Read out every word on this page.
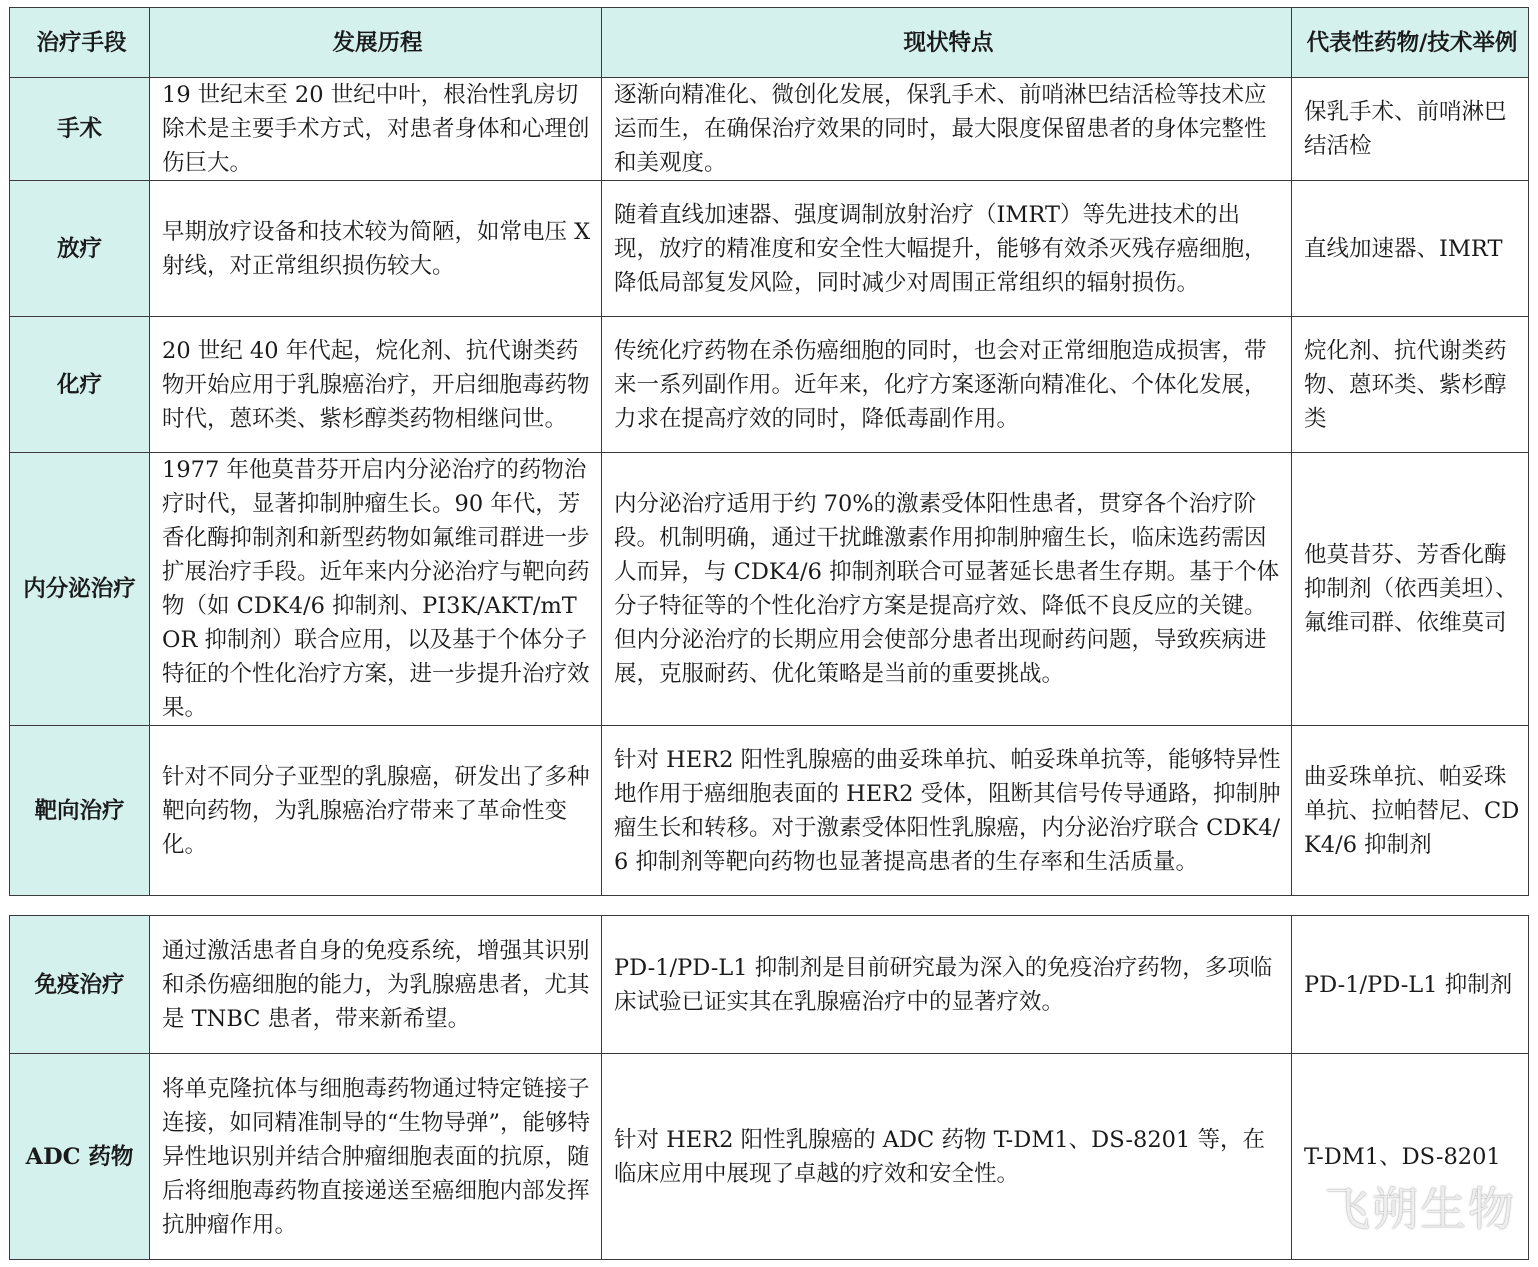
治疗手段	发展历程	现状特点	代表性药物/技术举例
手术	19 世纪末至 20 世纪中叶，根治性乳房切除术是主要手术方式，对患者身体和心理创伤巨大。	逐渐向精准化、微创化发展，保乳手术、前哨淋巴结活检等技术应运而生，在确保治疗效果的同时，最大限度保留患者的身体完整性和美观度。	保乳手术、前哨淋巴结活检
放疗	早期放疗设备和技术较为简陋，如常电压 X 射线，对正常组织损伤较大。	随着直线加速器、强度调制放射治疗（IMRT）等先进技术的出现，放疗的精准度和安全性大幅提升，能够有效杀灭残存癌细胞，降低局部复发风险，同时减少对周围正常组织的辐射损伤。	直线加速器、IMRT
化疗	20 世纪 40 年代起，烷化剂、抗代谢类药物开始应用于乳腺癌治疗，开启细胞毒药物时代，蒽环类、紫杉醇类药物相继问世。	传统化疗药物在杀伤癌细胞的同时，也会对正常细胞造成损害，带来一系列副作用。近年来，化疗方案逐渐向精准化、个体化发展，力求在提高疗效的同时，降低毒副作用。	烷化剂、抗代谢类药物、蒽环类、紫杉醇类
内分泌治疗	1977 年他莫昔芬开启内分泌治疗的药物治疗时代，显著抑制肿瘤生长。90 年代，芳香化酶抑制剂和新型药物如氟维司群进一步扩展治疗手段。近年来内分泌治疗与靶向药物（如 CDK4/6 抑制剂、PI3K/AKT/mTOR 抑制剂）联合应用，以及基于个体分子特征的个性化治疗方案，进一步提升治疗效果。	内分泌治疗适用于约 70%的激素受体阳性患者，贯穿各个治疗阶段。机制明确，通过干扰雌激素作用抑制肿瘤生长，临床选药需因人而异，与 CDK4/6 抑制剂联合可显著延长患者生存期。基于个体分子特征等的个性化治疗方案是提高疗效、降低不良反应的关键。但内分泌治疗的长期应用会使部分患者出现耐药问题，导致疾病进展，克服耐药、优化策略是当前的重要挑战。	他莫昔芬、芳香化酶抑制剂（依西美坦）、氟维司群、依维莫司
靶向治疗	针对不同分子亚型的乳腺癌，研发出了多种靶向药物，为乳腺癌治疗带来了革命性变化。	针对 HER2 阳性乳腺癌的曲妥珠单抗、帕妥珠单抗等，能够特异性地作用于癌细胞表面的 HER2 受体，阻断其信号传导通路，抑制肿瘤生长和转移。对于激素受体阳性乳腺癌，内分泌治疗联合 CDK4/6 抑制剂等靶向药物也显著提高患者的生存率和生活质量。	曲妥珠单抗、帕妥珠单抗、拉帕替尼、CDK4/6 抑制剂
免疫治疗	通过激活患者自身的免疫系统，增强其识别和杀伤癌细胞的能力，为乳腺癌患者，尤其是 TNBC 患者，带来新希望。	PD-1/PD-L1 抑制剂是目前研究最为深入的免疫治疗药物，多项临床试验已证实其在乳腺癌治疗中的显著疗效。	PD-1/PD-L1 抑制剂
ADC 药物	将单克隆抗体与细胞毒药物通过特定链接子连接，如同精准制导的“生物导弹”，能够特异性地识别并结合肿瘤细胞表面的抗原，随后将细胞毒药物直接递送至癌细胞内部发挥抗肿瘤作用。	针对 HER2 阳性乳腺癌的 ADC 药物 T-DM1、DS-8201 等，在临床应用中展现了卓越的疗效和安全性。	T-DM1、DS-8201
飞朔生物
